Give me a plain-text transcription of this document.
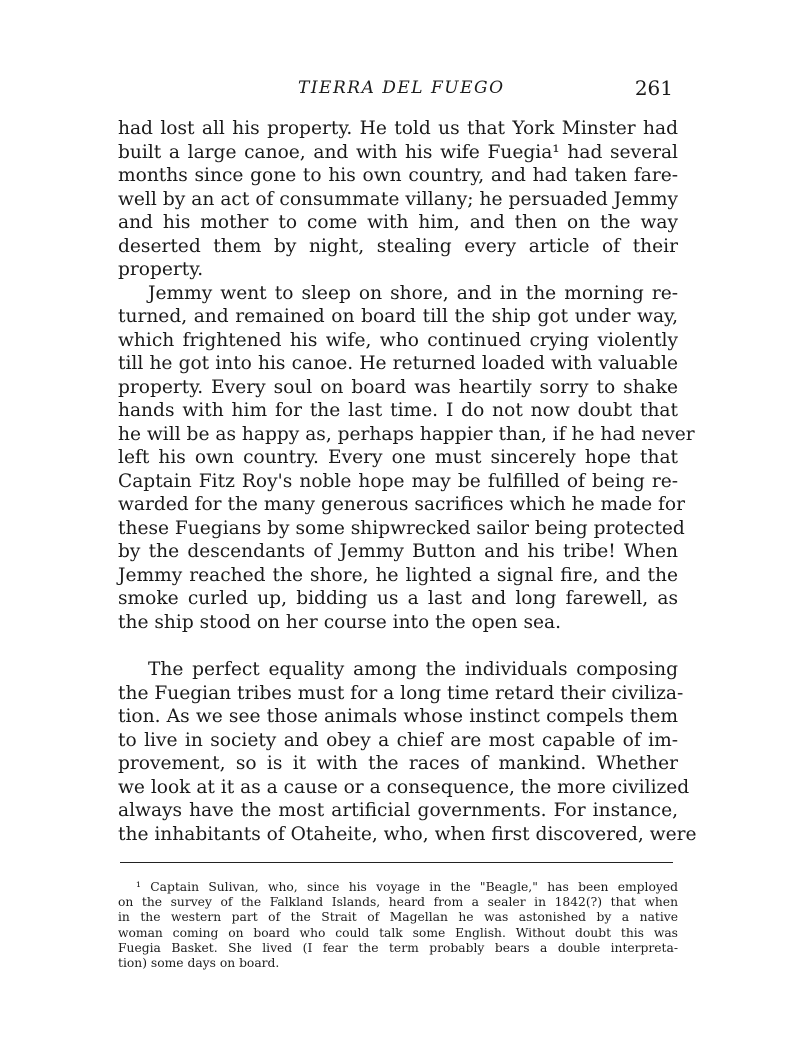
TIERRA DEL FUEGO	261
had lost all his property. He told us that York Minster had
built a large canoe, and with his wife Fuegia¹ had several
months since gone to his own country, and had taken fare-
well by an act of consummate villany; he persuaded Jemmy
and his mother to come with him, and then on the way
deserted them by night, stealing every article of their
property.
Jemmy went to sleep on shore, and in the morning re-
turned, and remained on board till the ship got under way,
which frightened his wife, who continued crying violently
till he got into his canoe. He returned loaded with valuable
property. Every soul on board was heartily sorry to shake
hands with him for the last time. I do not now doubt that
he will be as happy as, perhaps happier than, if he had never
left his own country. Every one must sincerely hope that
Captain Fitz Roy's noble hope may be fulfilled of being re-
warded for the many generous sacrifices which he made for
these Fuegians by some shipwrecked sailor being protected
by the descendants of Jemmy Button and his tribe! When
Jemmy reached the shore, he lighted a signal fire, and the
smoke curled up, bidding us a last and long farewell, as
the ship stood on her course into the open sea.
The perfect equality among the individuals composing
the Fuegian tribes must for a long time retard their civiliza-
tion. As we see those animals whose instinct compels them
to live in society and obey a chief are most capable of im-
provement, so is it with the races of mankind. Whether
we look at it as a cause or a consequence, the more civilized
always have the most artificial governments. For instance,
the inhabitants of Otaheite, who, when first discovered, were
¹ Captain Sulivan, who, since his voyage in the "Beagle," has been employed
on the survey of the Falkland Islands, heard from a sealer in 1842(?) that when
in the western part of the Strait of Magellan he was astonished by a native
woman coming on board who could talk some English. Without doubt this was
Fuegia Basket. She lived (I fear the term probably bears a double interpreta-
tion) some days on board.
